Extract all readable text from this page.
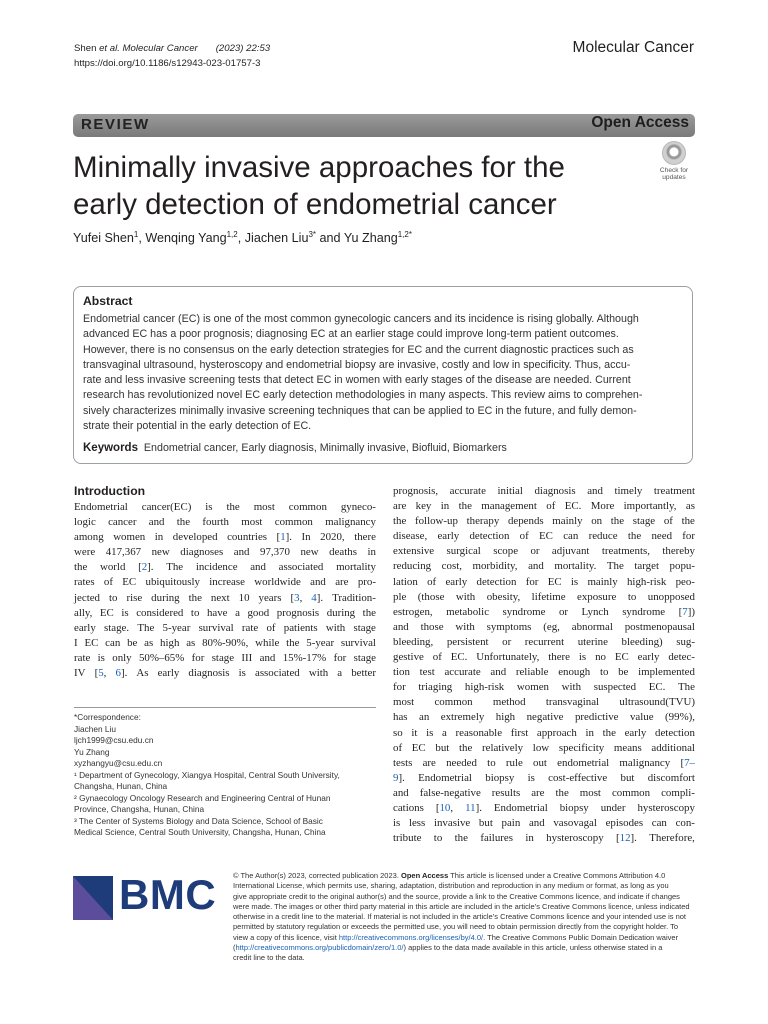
Shen et al. Molecular Cancer (2023) 22:53
https://doi.org/10.1186/s12943-023-01757-3
Molecular Cancer
REVIEW	Open Access
Minimally invasive approaches for the early detection of endometrial cancer
Check for
updates
Yufei Shen$^1$, Wenqing Yang$^{1,2}$, Jiachen Liu$^{3*}$ and Yu Zhang$^{1,2*}$
Abstract
Endometrial cancer (EC) is one of the most common gynecologic cancers and its incidence is rising globally. Although
advanced EC has a poor prognosis; diagnosing EC at an earlier stage could improve long-term patient outcomes.
However, there is no consensus on the early detection strategies for EC and the current diagnostic practices such as
transvaginal ultrasound, hysteroscopy and endometrial biopsy are invasive, costly and low in specificity. Thus, accu-
rate and less invasive screening tests that detect EC in women with early stages of the disease are needed. Current
research has revolutionized novel EC early detection methodologies in many aspects. This review aims to comprehen-
sively characterizes minimally invasive screening techniques that can be applied to EC in the future, and fully demon-
strate their potential in the early detection of EC.
Keywords Endometrial cancer, Early diagnosis, Minimally invasive, Biofluid, Biomarkers
Introduction
Endometrial cancer(EC) is the most common gyneco-
logic cancer and the fourth most common malignancy
among women in developed countries [1]. In 2020, there
were 417,367 new diagnoses and 97,370 new deaths in
the world [2]. The incidence and associated mortality
rates of EC ubiquitously increase worldwide and are pro-
jected to rise during the next 10 years [3, 4]. Tradition-
ally, EC is considered to have a good prognosis during the
early stage. The 5-year survival rate of patients with stage
I EC can be as high as 80%-90%, while the 5-year survival
rate is only 50%–65% for stage III and 15%-17% for stage
IV [5, 6]. As early diagnosis is associated with a better
prognosis, accurate initial diagnosis and timely treatment
are key in the management of EC. More importantly, as
the follow-up therapy depends mainly on the stage of the
disease, early detection of EC can reduce the need for
extensive surgical scope or adjuvant treatments, thereby
reducing cost, morbidity, and mortality. The target popu-
lation of early detection for EC is mainly high-risk peo-
ple (those with obesity, lifetime exposure to unopposed
estrogen, metabolic syndrome or Lynch syndrome [7])
and those with symptoms (eg, abnormal postmenopausal
bleeding, persistent or recurrent uterine bleeding) sug-
gestive of EC. Unfortunately, there is no EC early detec-
tion test accurate and reliable enough to be implemented
for triaging high-risk women with suspected EC. The
most common method transvaginal ultrasound(TVU)
has an extremely high negative predictive value (99%),
so it is a reasonable first approach in the early detection
of EC but the relatively low specificity means additional
tests are needed to rule out endometrial malignancy [7–
9]. Endometrial biopsy is cost-effective but discomfort
and false-negative results are the most common compli-
cations [10, 11]. Endometrial biopsy under hysteroscopy
is less invasive but pain and vasovagal episodes can con-
tribute to the failures in hysteroscopy [12]. Therefore,
*Correspondence:
Jiachen Liu
ljch1999@csu.edu.cn
Yu Zhang
xyzhangyu@csu.edu.cn
¹ Department of Gynecology, Xiangya Hospital, Central South University,
Changsha, Hunan, China
² Gynaecology Oncology Research and Engineering Central of Hunan
Province, Changsha, Hunan, China
³ The Center of Systems Biology and Data Science, School of Basic
Medical Science, Central South University, Changsha, Hunan, China
BMC © The Author(s) 2023, corrected publication 2023. Open Access This article is licensed under a Creative Commons Attribution 4.0
International License, which permits use, sharing, adaptation, distribution and reproduction in any medium or format, as long as you
give appropriate credit to the original author(s) and the source, provide a link to the Creative Commons licence, and indicate if changes
were made. The images or other third party material in this article are included in the article’s Creative Commons licence, unless indicated
otherwise in a credit line to the material. If material is not included in the article’s Creative Commons licence and your intended use is not
permitted by statutory regulation or exceeds the permitted use, you will need to obtain permission directly from the copyright holder. To
view a copy of this licence, visit http://creativecommons.org/licenses/by/4.0/. The Creative Commons Public Domain Dedication waiver
(http://creativecommons.org/publicdomain/zero/1.0/) applies to the data made available in this article, unless otherwise stated in a
credit line to the data.
